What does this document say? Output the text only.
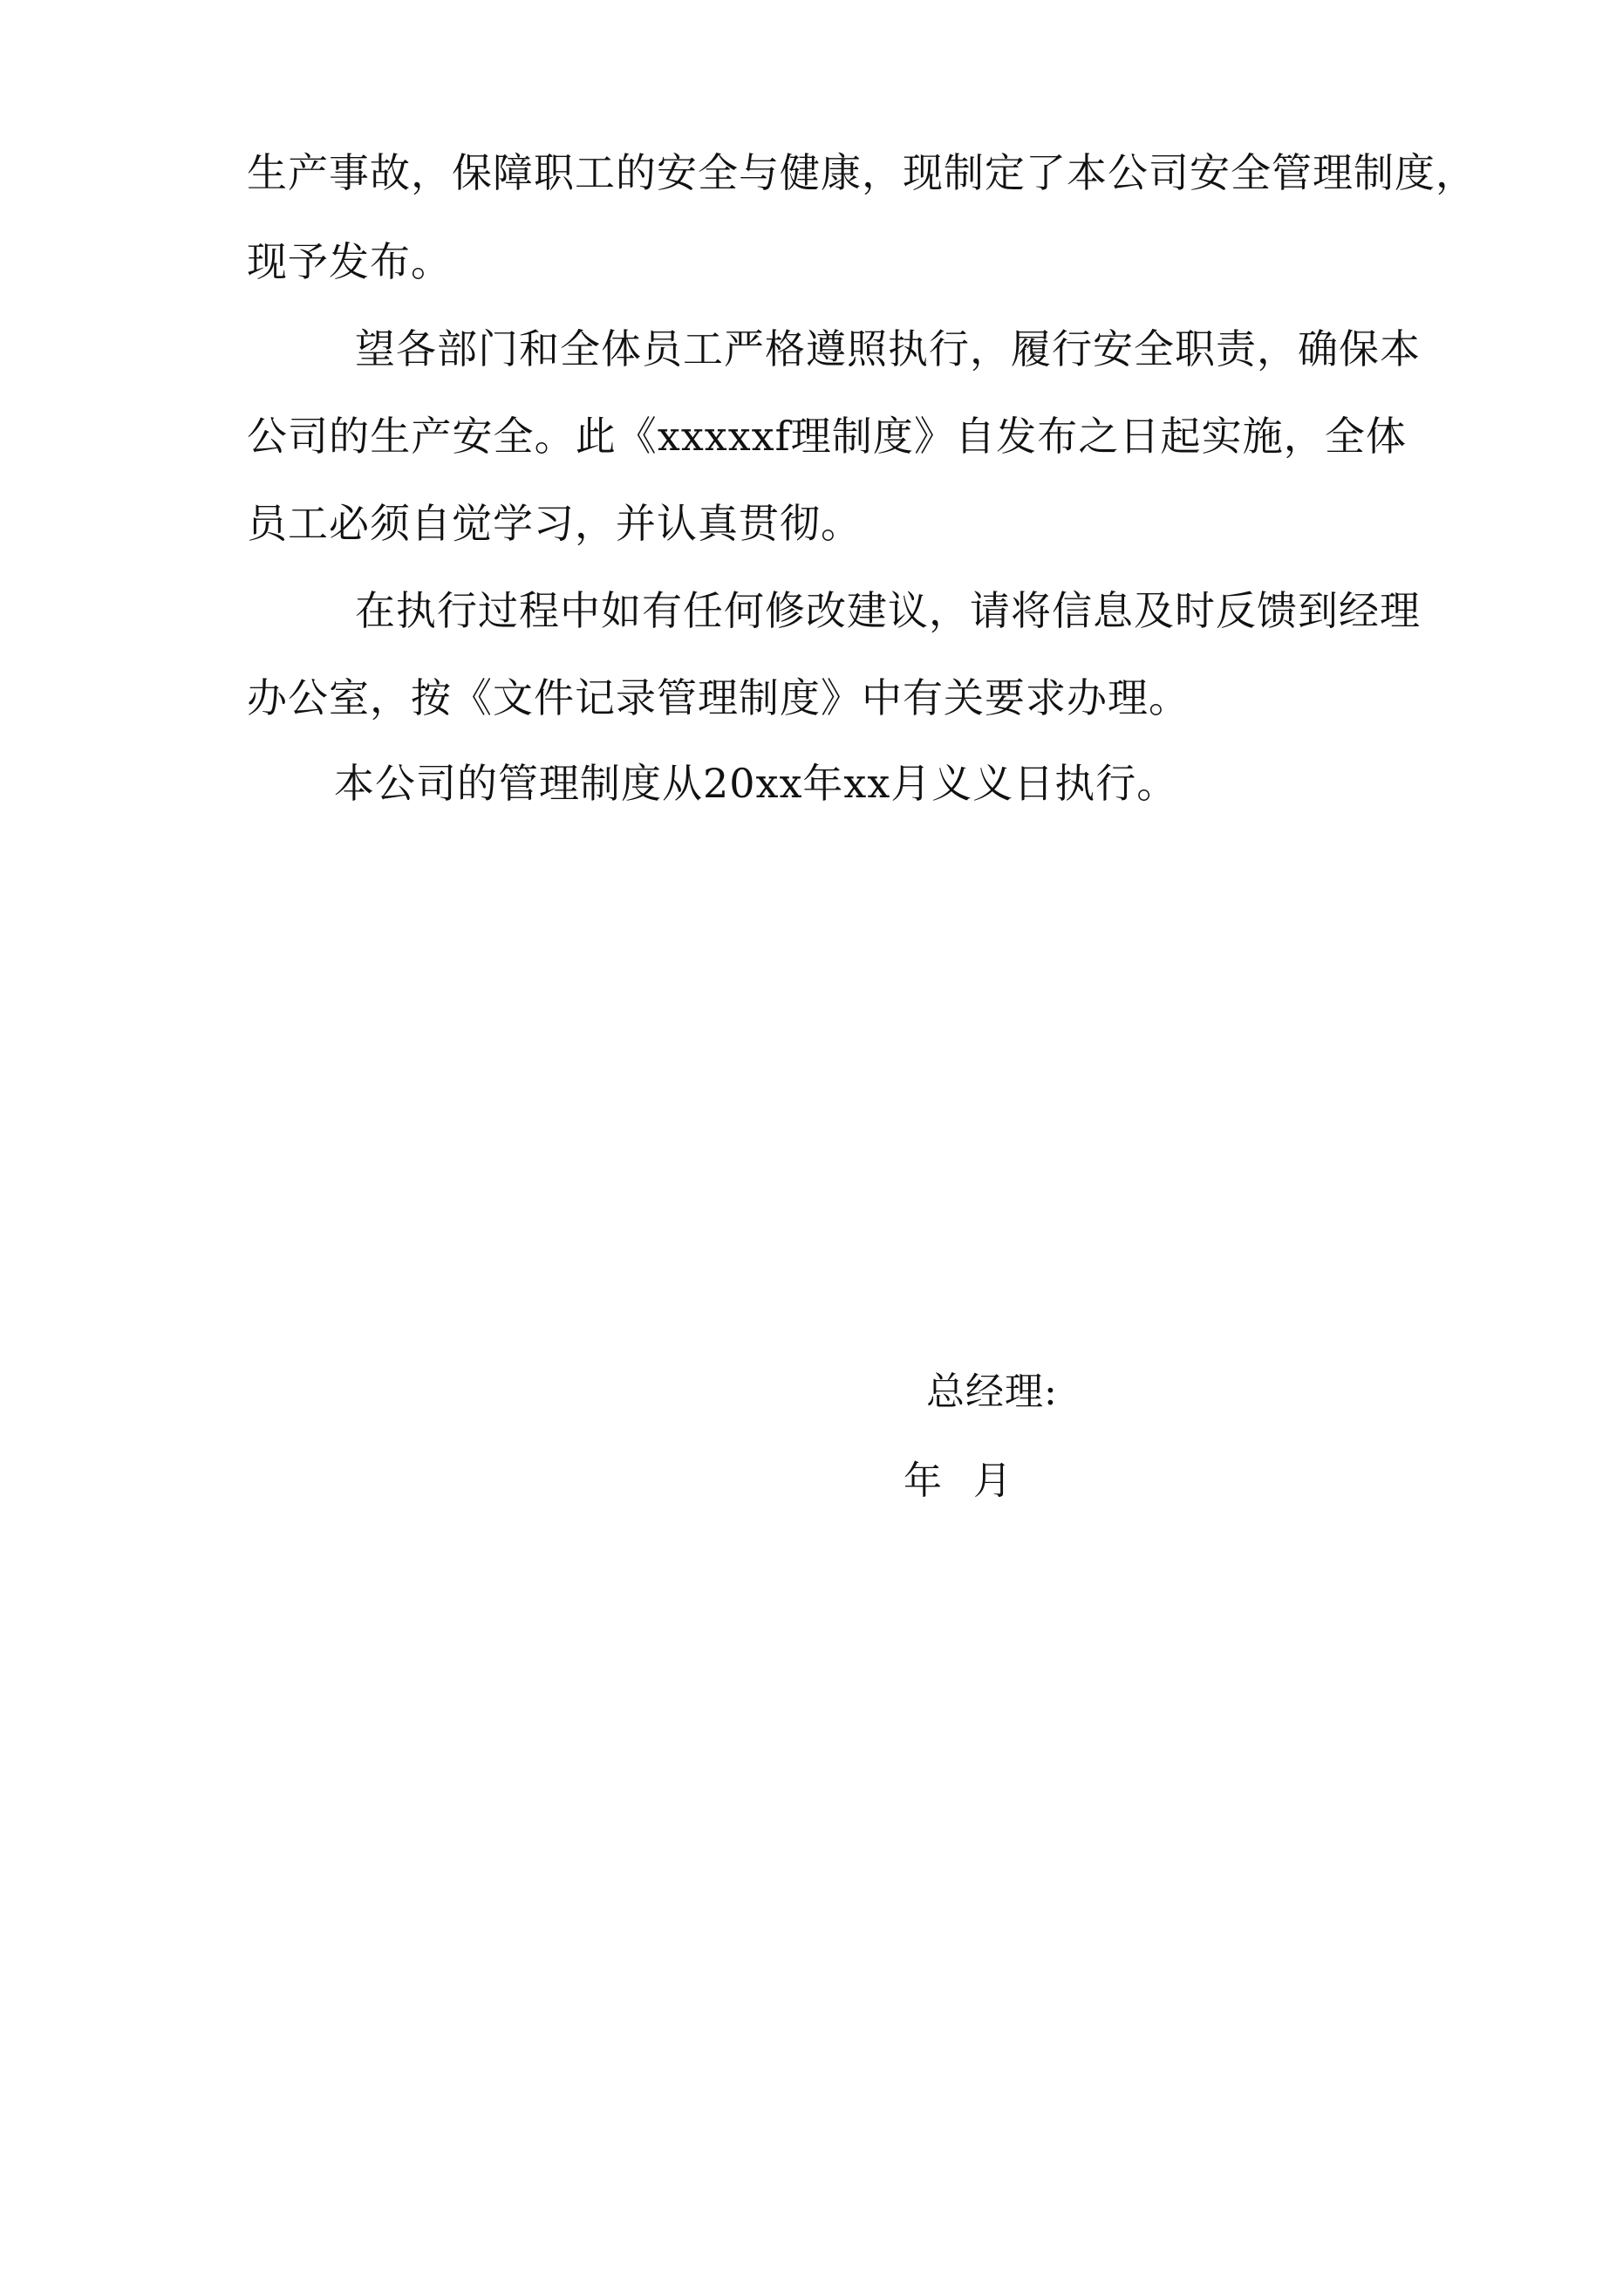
生产事故，保障职工的安全与健康，现制定了本公司安全管理制度，
现予发布。
望各部门和全体员工严格遵照执行，履行安全职责，确保本
公司的生产安全。此《xxxxxf理制度》自发布之日起实施，全体
员工必须自觉学习，并认真贯彻。
在执行过程中如有任何修改建议，请将信息及时反馈到经理
办公室，按《文件记录管理制度》中有关要求办理。
本公司的管理制度从20xx年xx月义义日执行。
总经理:
年 月
